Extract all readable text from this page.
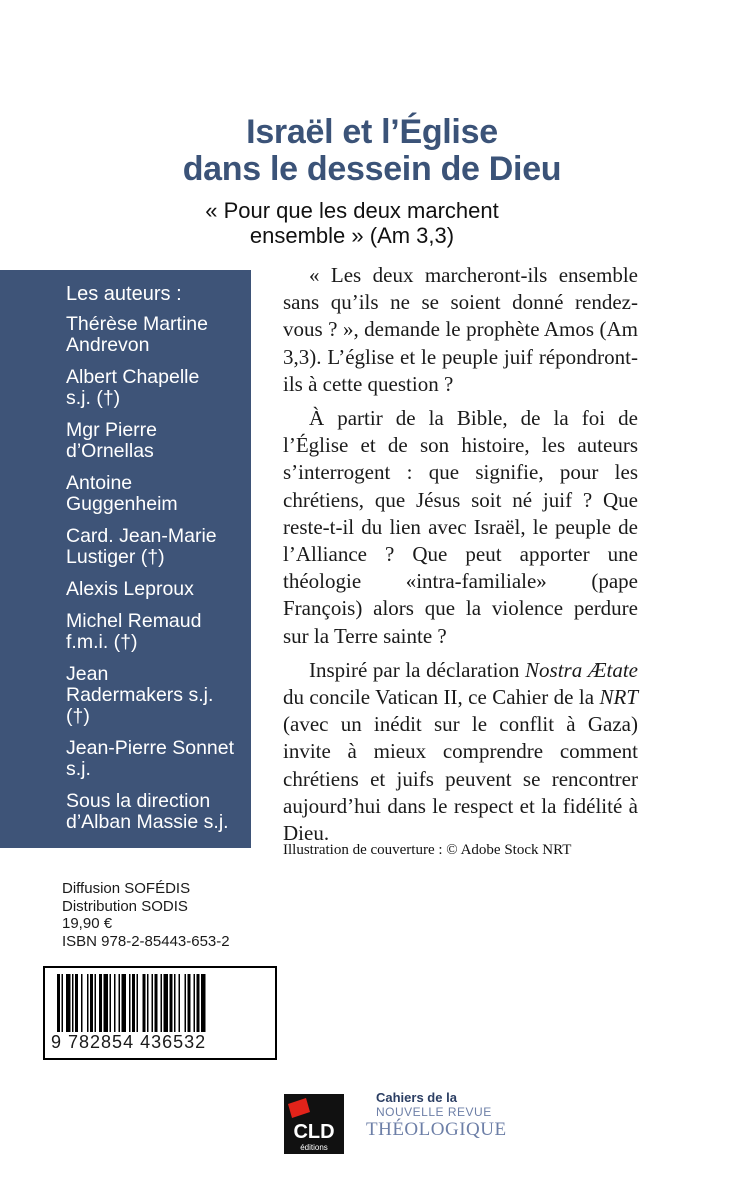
Israël et l’Église
dans le dessein de Dieu
« Pour que les deux marchent
ensemble » (Am 3,3)
Les auteurs :
Thérèse Martine
Andrevon
Albert Chapelle
s.j. (†)
Mgr Pierre
d’Ornellas
Antoine
Guggenheim
Card. Jean-Marie
Lustiger (†)
Alexis Leproux
Michel Remaud
f.m.i. (†)
Jean
Radermakers s.j.
(†)
Jean-Pierre Sonnet
s.j.
Sous la direction
d’Alban Massie s.j.

« Les deux marcheront-ils ensemble sans qu’ils ne se soient donné rendez-vous ? », demande le prophète Amos (Am 3,3). L’église et le peuple juif répondront-ils à cette question ?

À partir de la Bible, de la foi de l’Église et de son histoire, les auteurs s’interrogent : que signifie, pour les chrétiens, que Jésus soit né juif ? Que reste-t-il du lien avec Israël, le peuple de l’Alliance ? Que peut apporter une théologie «intra-familiale» (pape François) alors que la violence perdure sur la Terre sainte ?

Inspiré par la déclaration Nostra Ætate du concile Vatican II, ce Cahier de la NRT (avec un inédit sur le conflit à Gaza) invite à mieux comprendre comment chrétiens et juifs peuvent se rencontrer aujourd’hui dans le respect et la fidélité à Dieu.

Illustration de couverture : © Adobe Stock NRT
Diffusion SOFÉDIS
Distribution SODIS
19,90 €
ISBN 978-2-85443-653-2
9 782854 436532
CLD
éditions
Cahiers de la
NOUVELLE REVUE
THÉOLOGIQUE
